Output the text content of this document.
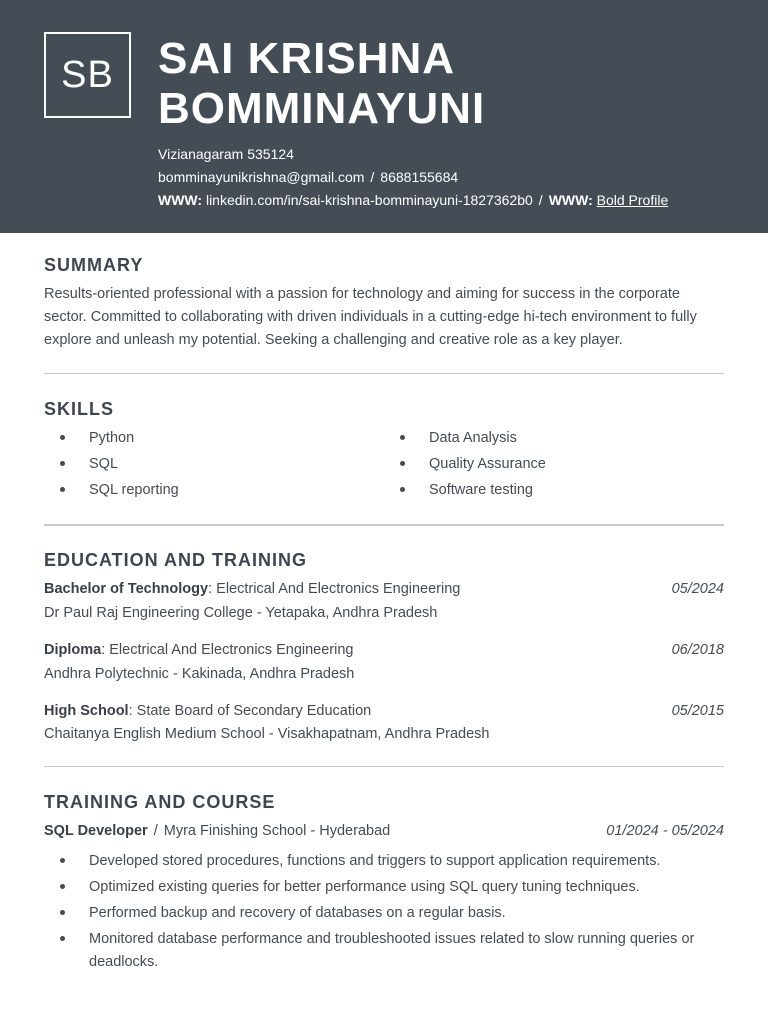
SB	SAI KRISHNA
BOMMINAYUNI
Vizianagaram 535124
bomminayunikrishna@gmail.com / 8688155684
WWW: linkedin.com/in/sai-krishna-bomminayuni-1827362b0 / WWW: Bold Profile
SUMMARY
Results-oriented professional with a passion for technology and aiming for success in the corporate
sector. Committed to collaborating with driven individuals in a cutting-edge hi-tech environment to fully
explore and unleash my potential. Seeking a challenging and creative role as a key player.
SKILLS
Python
SQL
SQL reporting
Data Analysis
Quality Assurance
Software testing
EDUCATION AND TRAINING
Bachelor of Technology: Electrical And Electronics Engineering	05/2024
Dr Paul Raj Engineering College - Yetapaka, Andhra Pradesh
Diploma: Electrical And Electronics Engineering	06/2018
Andhra Polytechnic - Kakinada, Andhra Pradesh
High School: State Board of Secondary Education	05/2015
Chaitanya English Medium School - Visakhapatnam, Andhra Pradesh
TRAINING AND COURSE
SQL Developer / Myra Finishing School - Hyderabad	01/2024 - 05/2024
Developed stored procedures, functions and triggers to support application requirements.
Optimized existing queries for better performance using SQL query tuning techniques.
Performed backup and recovery of databases on a regular basis.
Monitored database performance and troubleshooted issues related to slow running queries or
deadlocks.
